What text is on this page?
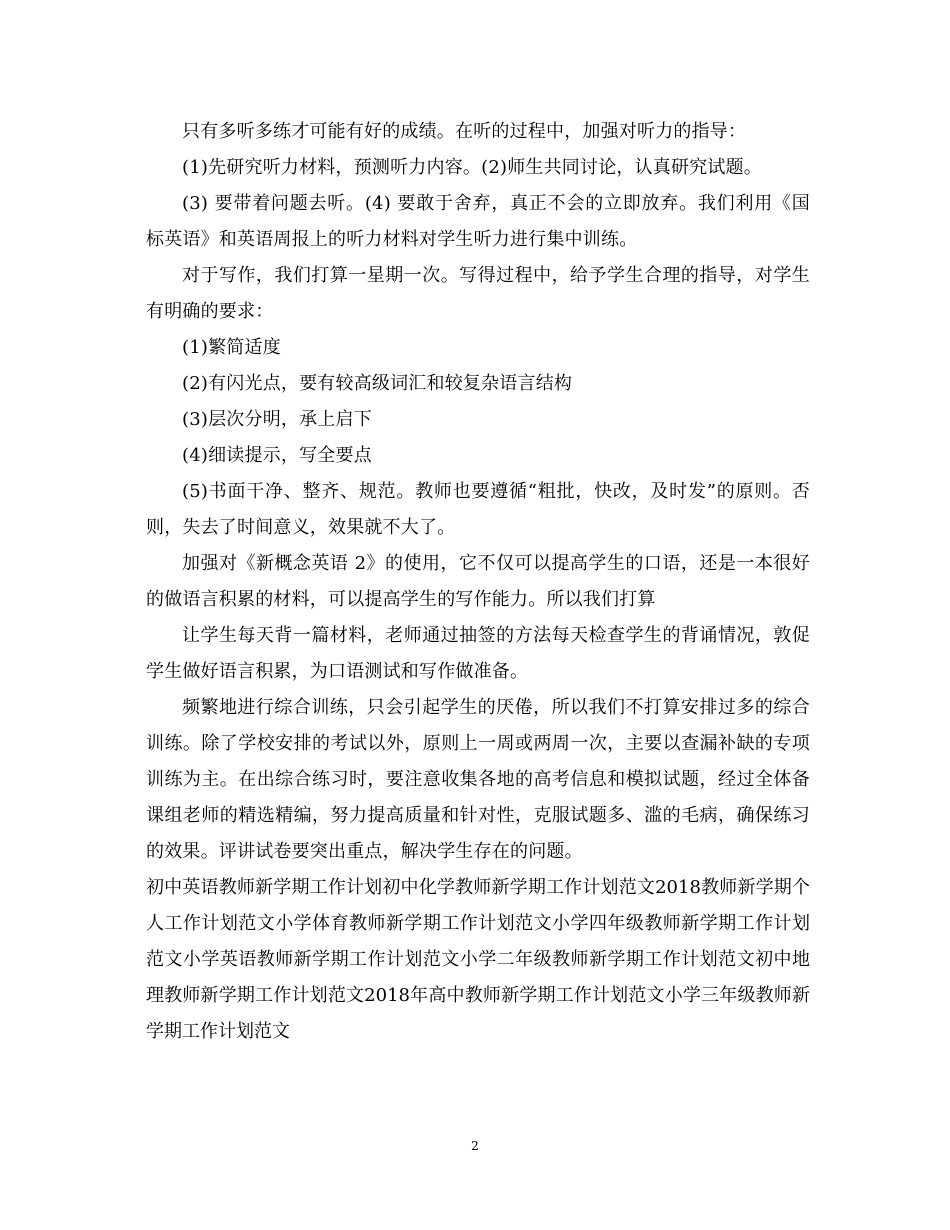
只有多听多练才可能有好的成绩。在听的过程中，加强对听力的指导：

(1)先研究听力材料，预测听力内容。(2)师生共同讨论，认真研究试题。

(3) 要带着问题去听。(4) 要敢于舍弃，真正不会的立即放弃。我们利用《国标英语》和英语周报上的听力材料对学生听力进行集中训练。

对于写作，我们打算一星期一次。写得过程中，给予学生合理的指导，对学生有明确的要求：

(1)繁简适度

(2)有闪光点，要有较高级词汇和较复杂语言结构

(3)层次分明，承上启下

(4)细读提示，写全要点

(5)书面干净、整齐、规范。教师也要遵循“粗批，快改，及时发”的原则。否则，失去了时间意义，效果就不大了。

加强对《新概念英语 2》的使用，它不仅可以提高学生的口语，还是一本很好的做语言积累的材料，可以提高学生的写作能力。所以我们打算

让学生每天背一篇材料，老师通过抽签的方法每天检查学生的背诵情况，敦促学生做好语言积累，为口语测试和写作做准备。

频繁地进行综合训练，只会引起学生的厌倦，所以我们不打算安排过多的综合训练。除了学校安排的考试以外，原则上一周或两周一次，主要以查漏补缺的专项训练为主。在出综合练习时，要注意收集各地的高考信息和模拟试题，经过全体备课组老师的精选精编，努力提高质量和针对性，克服试题多、滥的毛病，确保练习的效果。评讲试卷要突出重点，解决学生存在的问题。

初中英语教师新学期工作计划初中化学教师新学期工作计划范文2018教师新学期个人工作计划范文小学体育教师新学期工作计划范文小学四年级教师新学期工作计划范文小学英语教师新学期工作计划范文小学二年级教师新学期工作计划范文初中地理教师新学期工作计划范文2018年高中教师新学期工作计划范文小学三年级教师新学期工作计划范文

2
